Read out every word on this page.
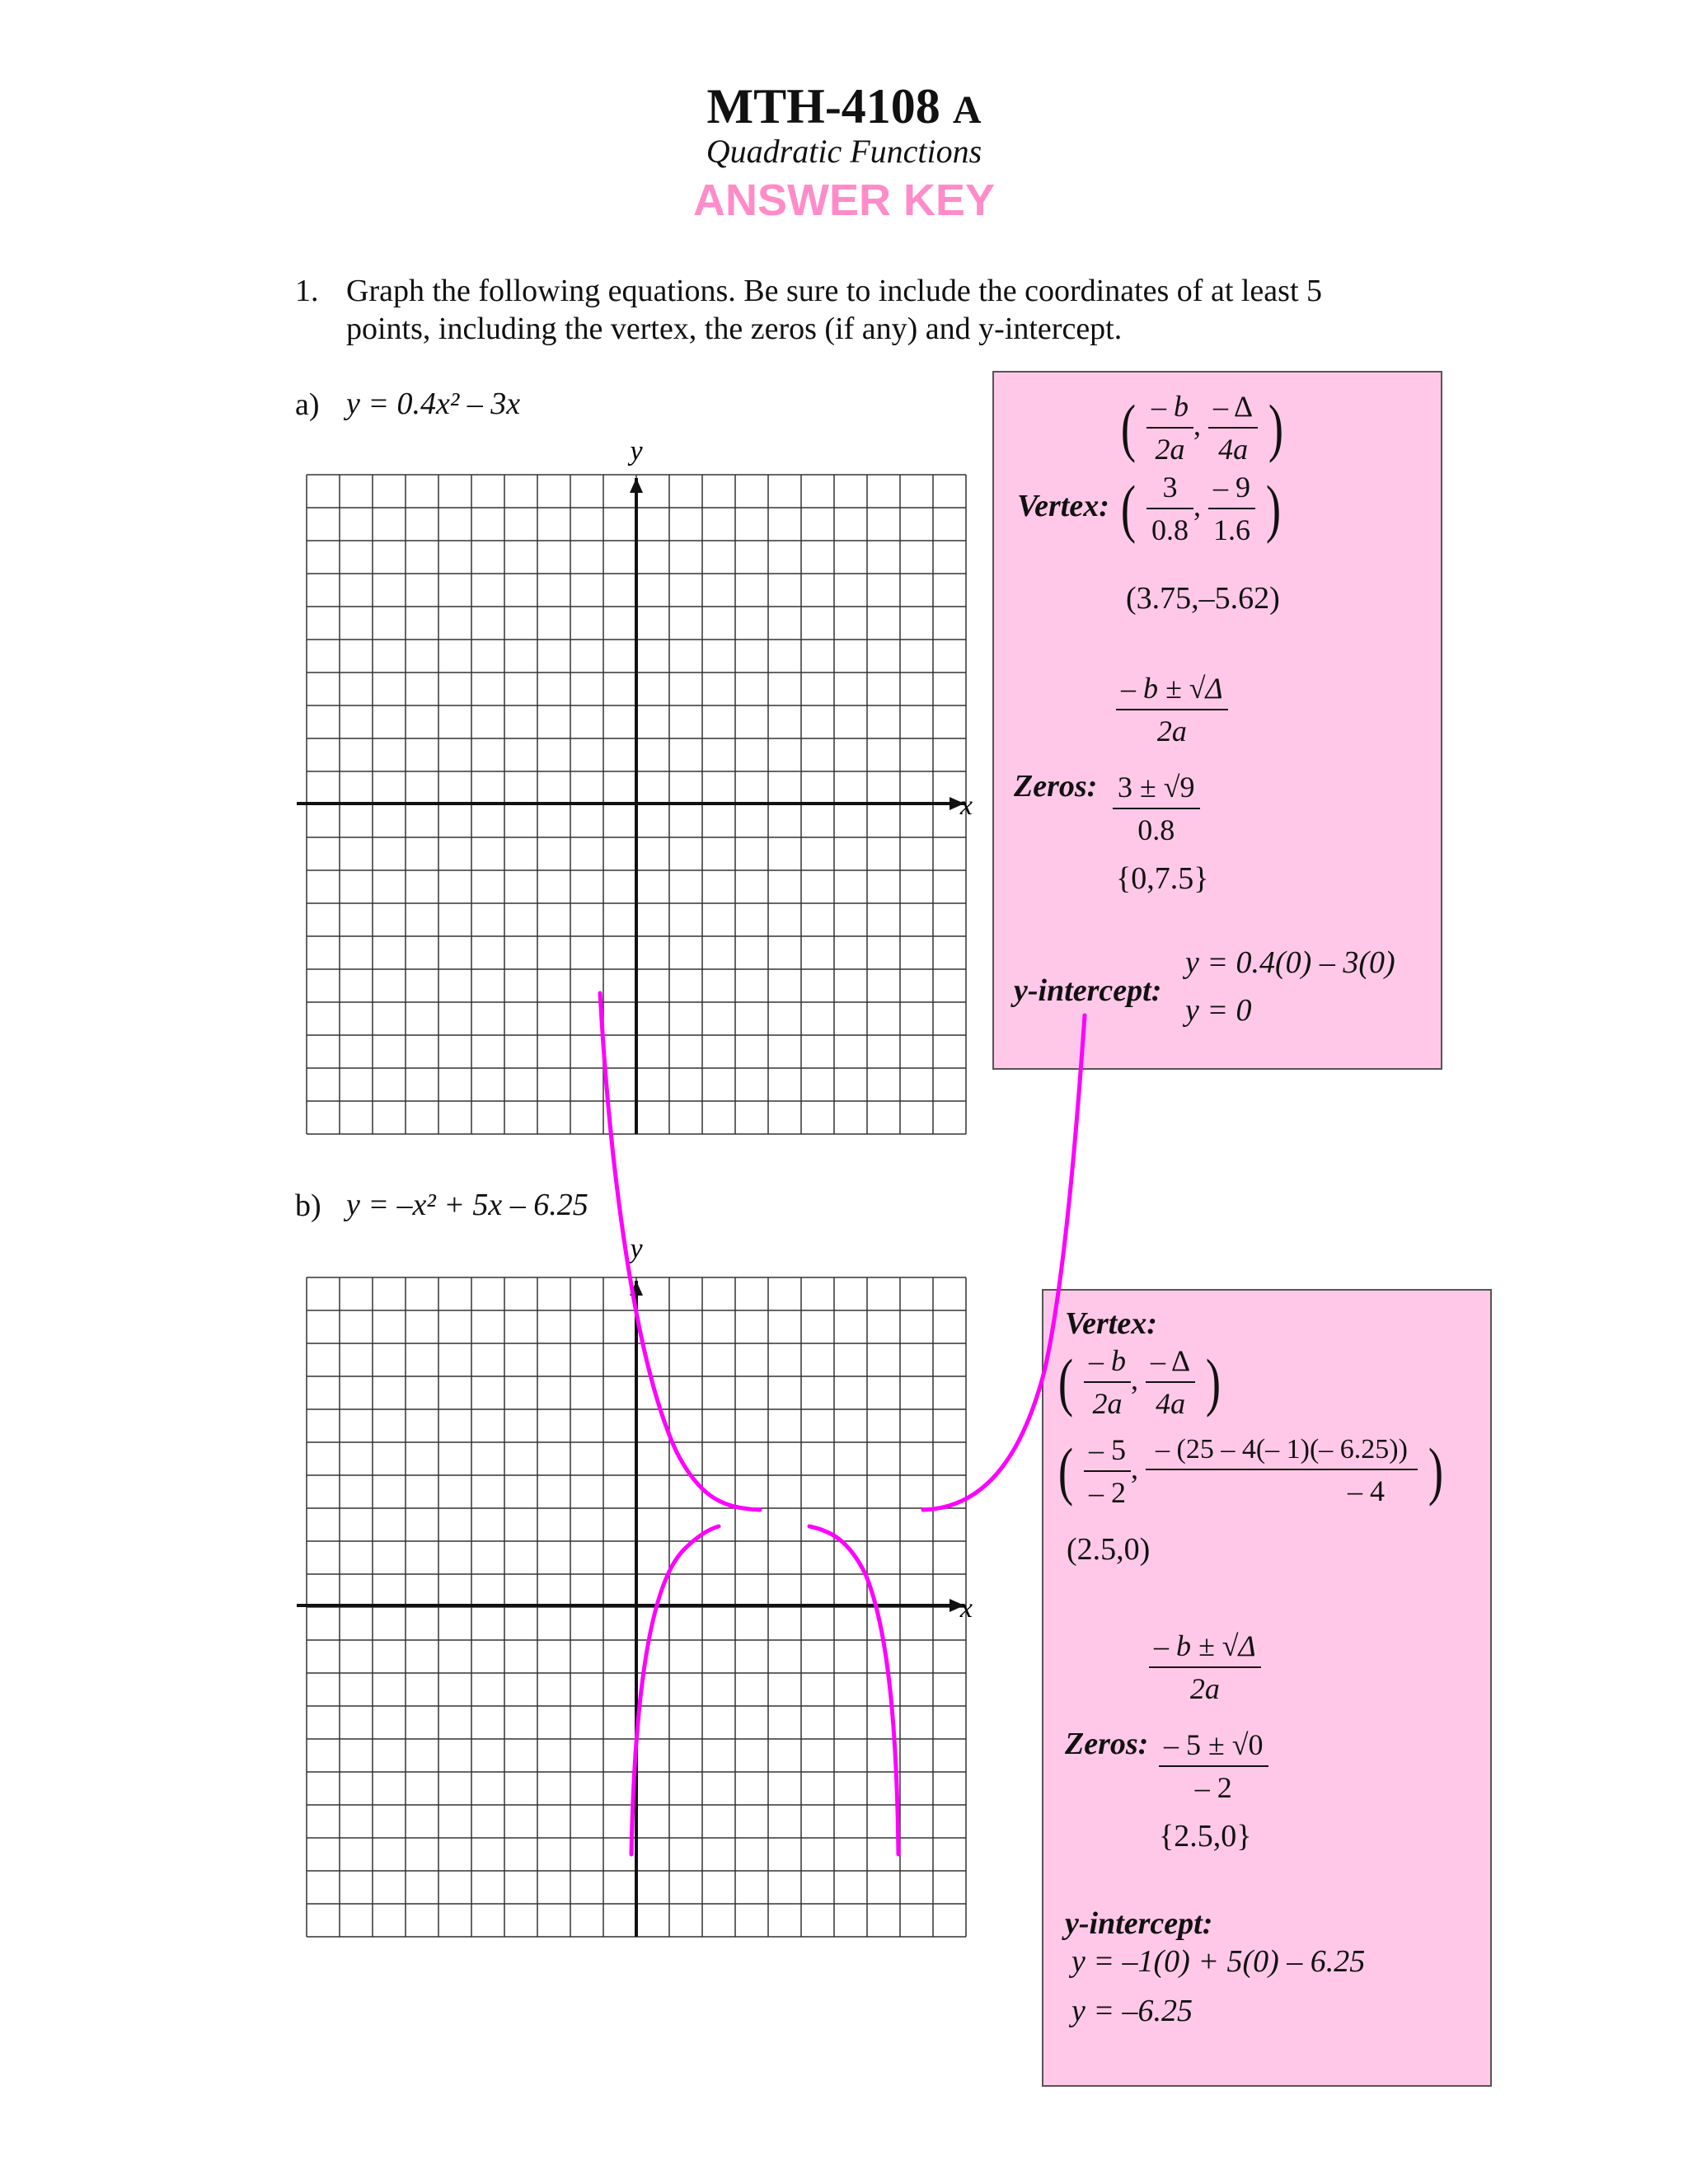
MTH-4108 A
Quadratic Functions
ANSWER KEY
1. Graph the following equations. Be sure to include the coordinates of at least 5
points, including the vertex, the zeros (if any) and y-intercept.
a) y = 0.4x² – 3x
b) y = –x² + 5x – 6.25
( $\frac{- b}{2a}$ , $\frac{- \Delta}{4a}$ )
Vertex: ( $\frac{3}{0.8}$ , $\frac{- 9}{1.6}$ )
(3.75,–5.62)
$\frac{- b \pm √\Delta}{2a}$
Zeros: $\frac{3 \pm √9}{0.8}$
{0,7.5}
y-intercept:
y = 0.4(0) – 3(0)
y = 0
Vertex:
( $\frac{- b}{2a}$ , $\frac{- \Delta}{4a}$ )
( $\frac{- 5}{- 2}$ , $\frac{- (25 - 4(- 1)(- 6.25))}{- 4}$ )
(2.5,0)
$\frac{- b \pm √\Delta}{2a}$
Zeros: $\frac{- 5 \pm √0}{- 2}$
{2.5,0}
y-intercept:
y = –1(0) + 5(0) – 6.25
y = –6.25
x
y
x
y
